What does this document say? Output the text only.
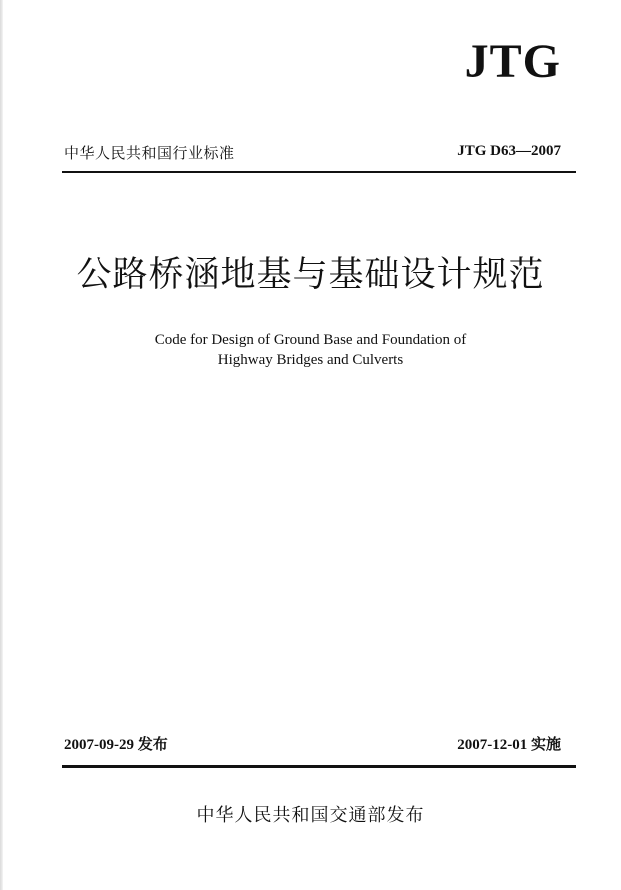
JTG
中华人民共和国行业标准	JTG D63—2007
公路桥涵地基与基础设计规范
Code for Design of Ground Base and Foundation of
Highway Bridges and Culverts
2007-09-29 发布	2007-12-01 实施
中华人民共和国交通部发布
